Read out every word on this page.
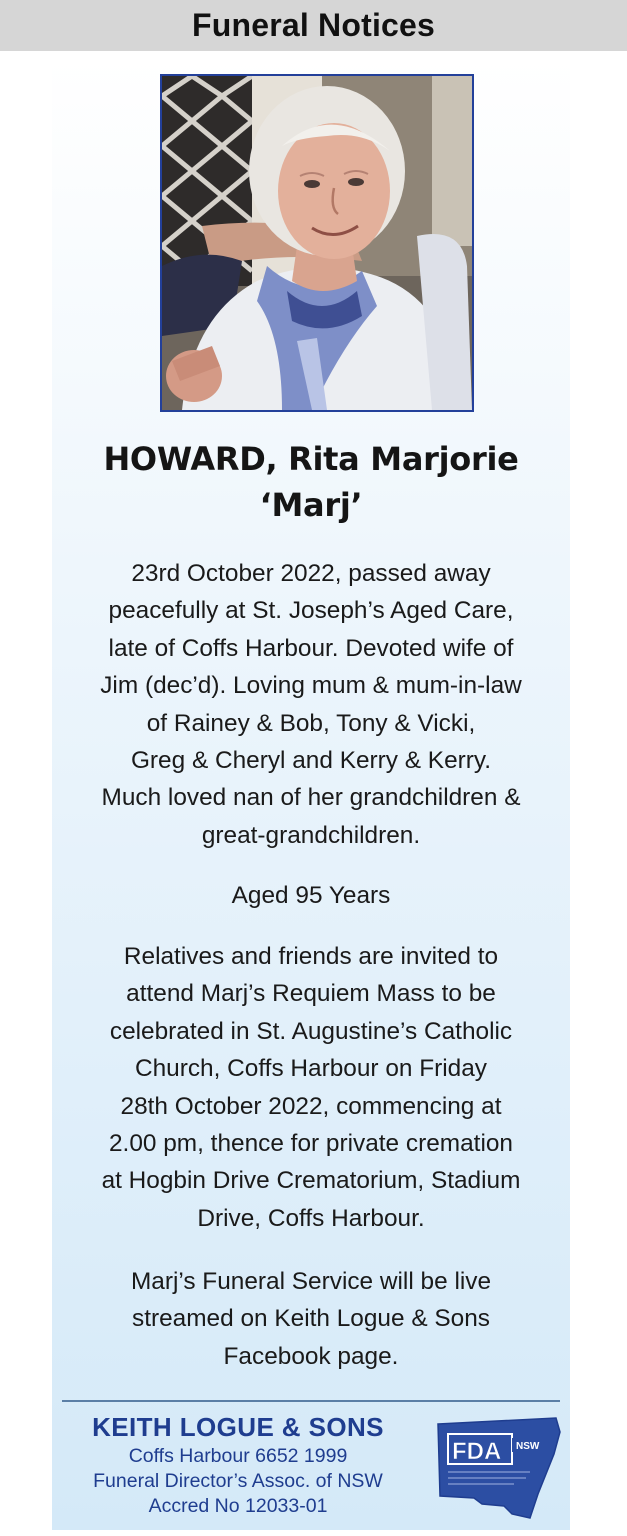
Funeral Notices
HOWARD, Rita Marjorie
‘Marj’
23rd October 2022, passed away
peacefully at St. Joseph’s Aged Care,
late of Coffs Harbour. Devoted wife of
Jim (dec’d). Loving mum & mum-in-law
of Rainey & Bob, Tony & Vicki,
Greg & Cheryl and Kerry & Kerry.
Much loved nan of her grandchildren &
great-grandchildren.
Aged 95 Years
Relatives and friends are invited to
attend Marj’s Requiem Mass to be
celebrated in St. Augustine’s Catholic
Church, Coffs Harbour on Friday
28th October 2022, commencing at
2.00 pm, thence for private cremation
at Hogbin Drive Crematorium, Stadium
Drive, Coffs Harbour.
Marj’s Funeral Service will be live
streamed on Keith Logue & Sons
Facebook page.
KEITH LOGUE & SONS
Coffs Harbour 6652 1999
Funeral Director’s Assoc. of NSW
Accred No 12033-01
FDA NSW
